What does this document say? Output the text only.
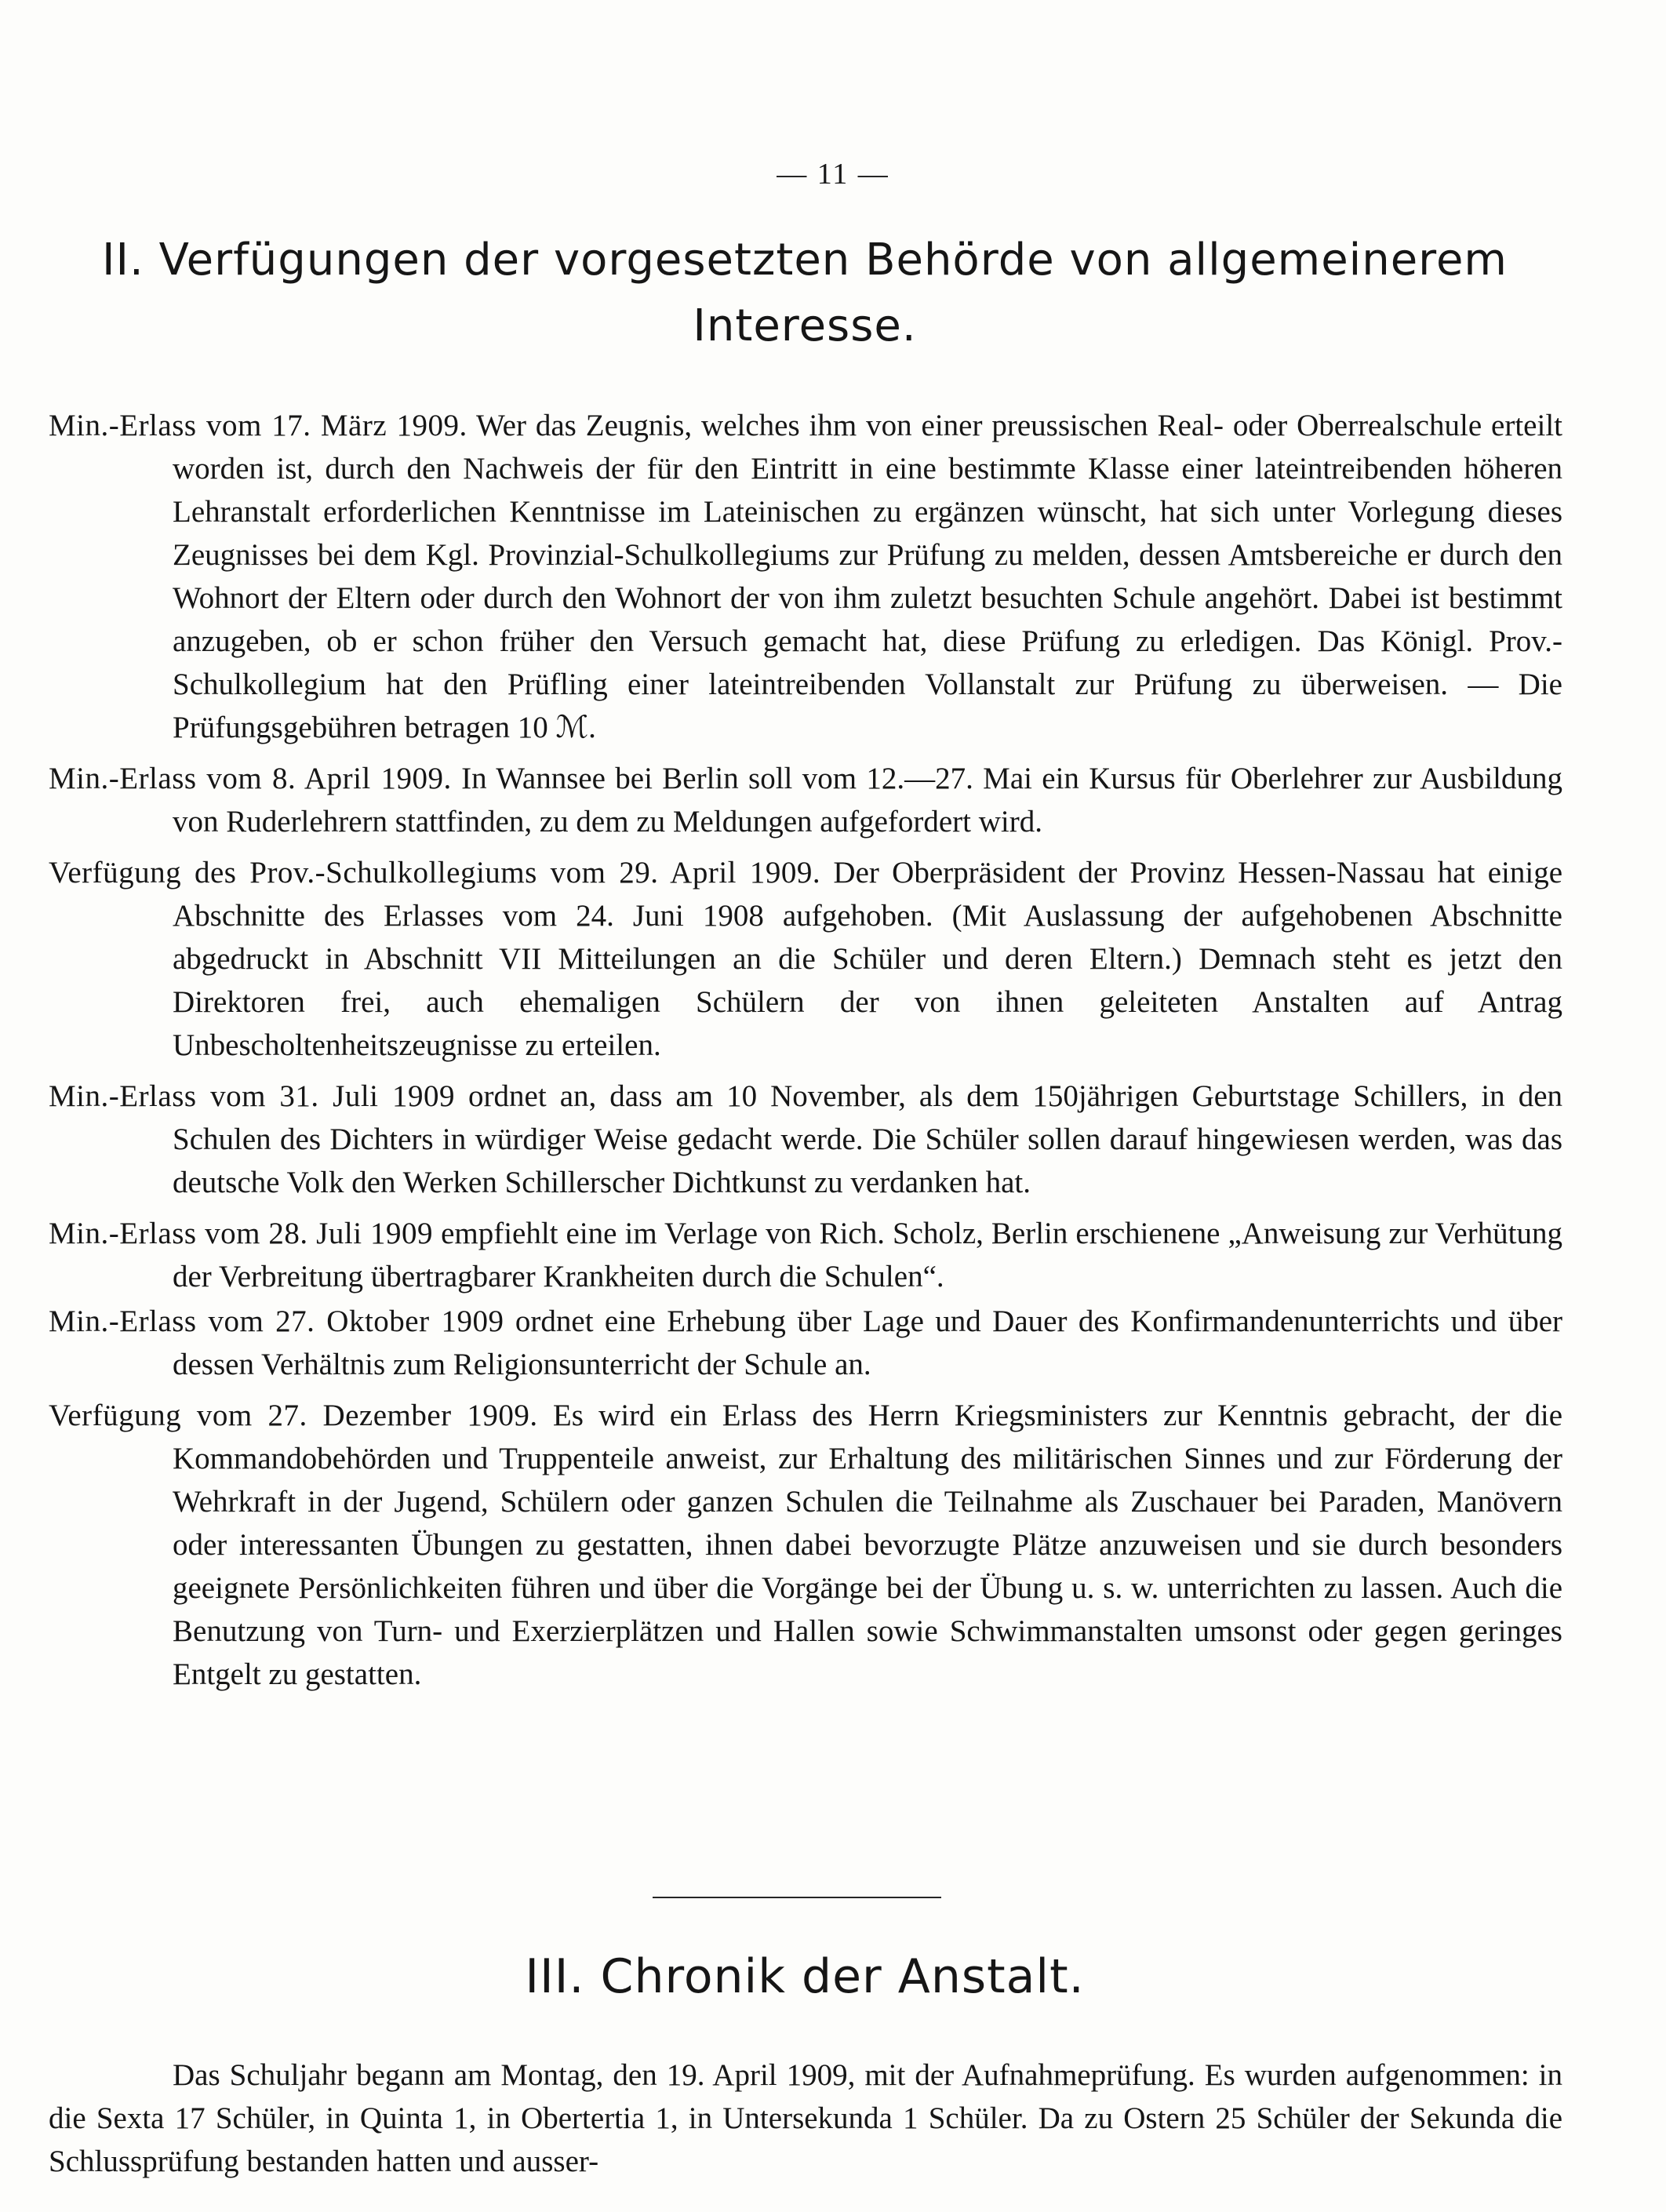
— 11 —
II. Verfügungen der vorgesetzten Behörde von allgemeinerem Interesse.

Min.-Erlass vom 17. März 1909. Wer das Zeugnis, welches ihm von einer preussischen Real- oder Oberrealschule erteilt worden ist, durch den Nachweis der für den Eintritt in eine bestimmte Klasse einer lateintreibenden höheren Lehranstalt erforderlichen Kenntnisse im Lateinischen zu ergänzen wünscht, hat sich unter Vorlegung dieses Zeugnisses bei dem Kgl. Provinzial-Schulkollegiums zur Prüfung zu melden, dessen Amtsbereiche er durch den Wohnort der Eltern oder durch den Wohnort der von ihm zuletzt besuchten Schule angehört. Dabei ist bestimmt anzugeben, ob er schon früher den Versuch gemacht hat, diese Prüfung zu erledigen. Das Königl. Prov.-Schulkollegium hat den Prüfling einer lateintreibenden Vollanstalt zur Prüfung zu überweisen. — Die Prüfungsgebühren betragen 10 ℳ.

Min.-Erlass vom 8. April 1909. In Wannsee bei Berlin soll vom 12.—27. Mai ein Kursus für Oberlehrer zur Ausbildung von Ruderlehrern stattfinden, zu dem zu Meldungen aufgefordert wird.

Verfügung des Prov.-Schulkollegiums vom 29. April 1909. Der Oberpräsident der Provinz Hessen-Nassau hat einige Abschnitte des Erlasses vom 24. Juni 1908 aufgehoben. (Mit Auslassung der aufgehobenen Abschnitte abgedruckt in Abschnitt VII Mitteilungen an die Schüler und deren Eltern.) Demnach steht es jetzt den Direktoren frei, auch ehemaligen Schülern der von ihnen geleiteten Anstalten auf Antrag Unbescholtenheitszeugnisse zu erteilen.

Min.-Erlass vom 31. Juli 1909 ordnet an, dass am 10 November, als dem 150jährigen Geburtstage Schillers, in den Schulen des Dichters in würdiger Weise gedacht werde. Die Schüler sollen darauf hingewiesen werden, was das deutsche Volk den Werken Schillerscher Dichtkunst zu verdanken hat.

Min.-Erlass vom 28. Juli 1909 empfiehlt eine im Verlage von Rich. Scholz, Berlin erschienene „Anweisung zur Verhütung der Verbreitung übertragbarer Krankheiten durch die Schulen“.

Min.-Erlass vom 27. Oktober 1909 ordnet eine Erhebung über Lage und Dauer des Konfirmandenunterrichts und über dessen Verhältnis zum Religionsunterricht der Schule an.

Verfügung vom 27. Dezember 1909. Es wird ein Erlass des Herrn Kriegsministers zur Kenntnis gebracht, der die Kommandobehörden und Truppenteile anweist, zur Erhaltung des militärischen Sinnes und zur Förderung der Wehrkraft in der Jugend, Schülern oder ganzen Schulen die Teilnahme als Zuschauer bei Paraden, Manövern oder interessanten Übungen zu gestatten, ihnen dabei bevorzugte Plätze anzuweisen und sie durch besonders geeignete Persönlichkeiten führen und über die Vorgänge bei der Übung u. s. w. unterrichten zu lassen. Auch die Benutzung von Turn- und Exerzierplätzen und Hallen sowie Schwimmanstalten umsonst oder gegen geringes Entgelt zu gestatten.

III. Chronik der Anstalt.

Das Schuljahr begann am Montag, den 19. April 1909, mit der Aufnahmeprüfung. Es wurden aufgenommen: in die Sexta 17 Schüler, in Quinta 1, in Obertertia 1, in Untersekunda 1 Schüler. Da zu Ostern 25 Schüler der Sekunda die Schlussprüfung bestanden hatten und ausser-
